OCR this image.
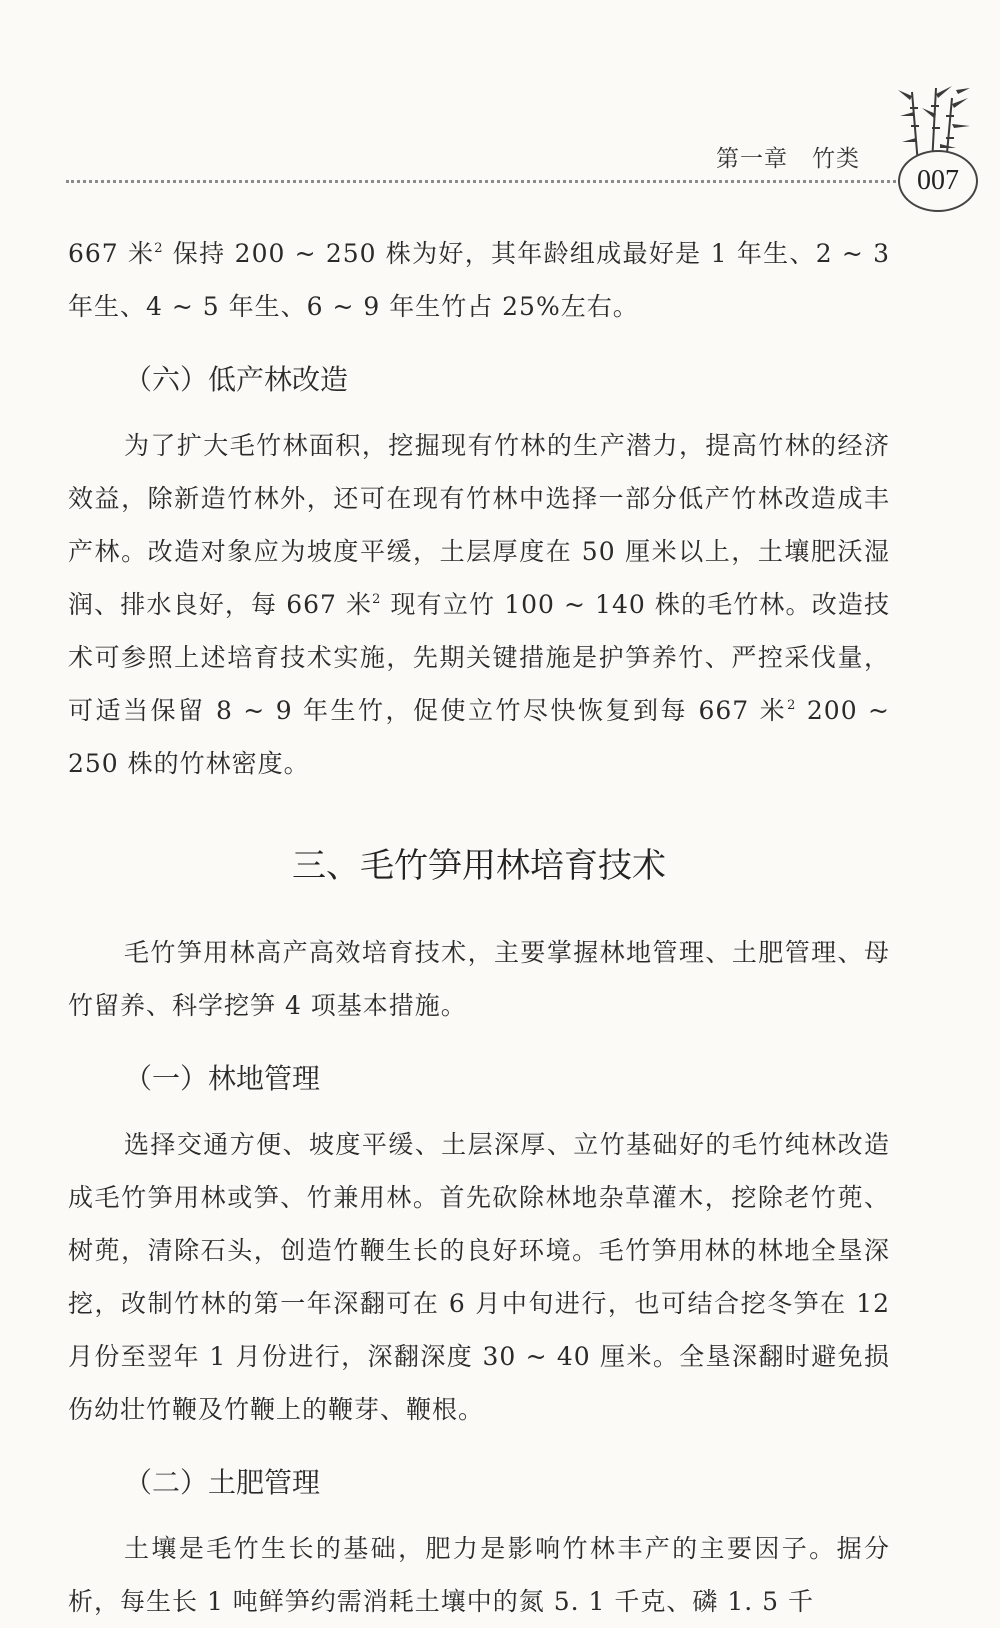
第一章　竹类
007

667 米$^2$ 保持 200 ~ 250 株为好，其年龄组成最好是 1 年生、2 ~ 3 年生、4 ~ 5 年生、6 ~ 9 年生竹占 25%左右。

（六）低产林改造

为了扩大毛竹林面积，挖掘现有竹林的生产潜力，提高竹林的经济效益，除新造竹林外，还可在现有竹林中选择一部分低产竹林改造成丰产林。改造对象应为坡度平缓，土层厚度在 50 厘米以上，土壤肥沃湿润、排水良好，每 667 米$^2$ 现有立竹 100 ~ 140 株的毛竹林。改造技术可参照上述培育技术实施，先期关键措施是护笋养竹、严控采伐量，可适当保留 8 ~ 9 年生竹，促使立竹尽快恢复到每 667 米$^2$ 200 ~ 250 株的竹林密度。

三、毛竹笋用林培育技术

毛竹笋用林高产高效培育技术，主要掌握林地管理、土肥管理、母竹留养、科学挖笋 4 项基本措施。

（一）林地管理

选择交通方便、坡度平缓、土层深厚、立竹基础好的毛竹纯林改造成毛竹笋用林或笋、竹兼用林。首先砍除林地杂草灌木，挖除老竹蔸、树蔸，清除石头，创造竹鞭生长的良好环境。毛竹笋用林的林地全垦深挖，改制竹林的第一年深翻可在 6 月中旬进行，也可结合挖冬笋在 12 月份至翌年 1 月份进行，深翻深度 30 ~ 40 厘米。全垦深翻时避免损伤幼壮竹鞭及竹鞭上的鞭芽、鞭根。

（二）土肥管理

土壤是毛竹生长的基础，肥力是影响竹林丰产的主要因子。据分析，每生长 1 吨鲜笋约需消耗土壤中的氮 5. 1 千克、磷 1. 5 千
